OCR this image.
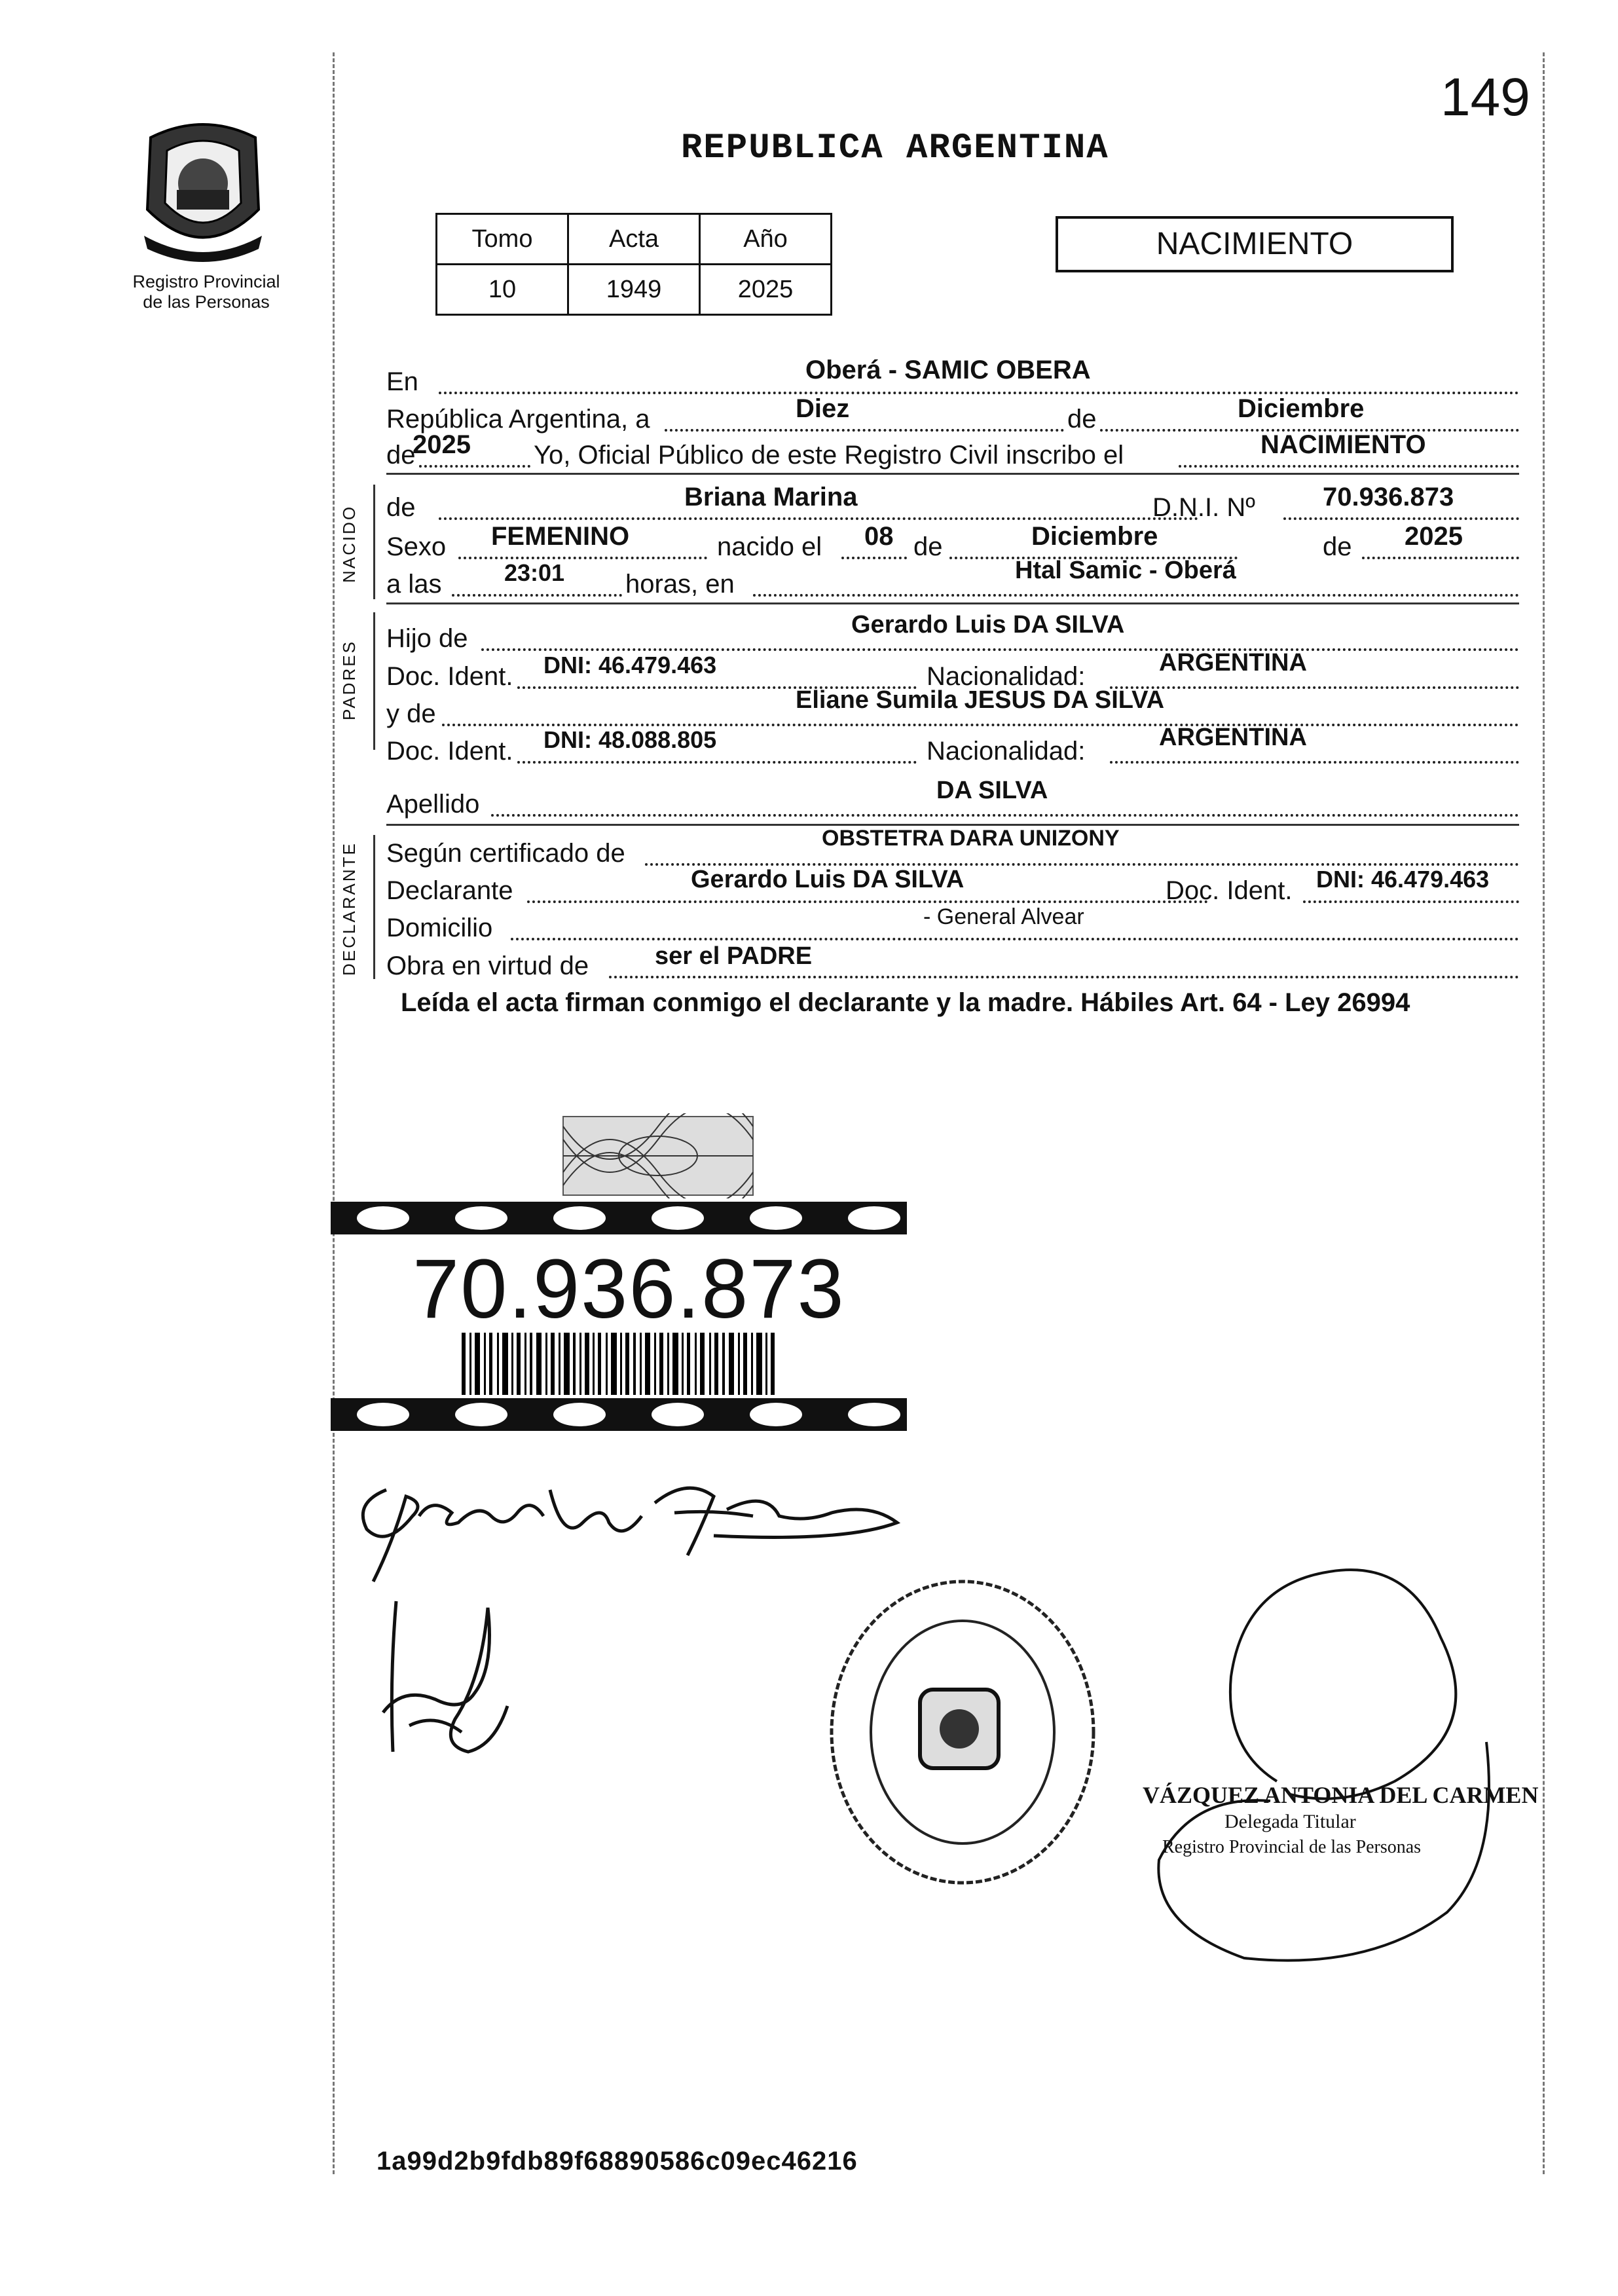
149
Registro Provincial
de las Personas
REPUBLICA ARGENTINA
Tomo	Acta	Año
10	1949	2025
NACIMIENTO
En	Oberá - SAMIC OBERA
República Argentina, a	Diez	de	Diciembre
de
2025 Yo, Oficial Público de este Registro Civil inscribo el	NACIMIENTO
NACIDO de	Briana Marina	D.N.I. Nº	70.936.873
Sexo FEMENINO	nacido el 08 de	Diciembre	de 2025
a las	23:01 horas, en	Htal Samic - Oberá
PADRES
Hijo de	Gerardo Luis DA SILVA
Doc. Ident. DNI: 46.479.463	Nacionalidad:	ARGENTINA
y de	Eliane Sumila JESUS DA SILVA
Doc. Ident. DNI: 48.088.805	Nacionalidad:	ARGENTINA
Apellido	DA SILVA
DECLARANTE Según certificado de
OBSTETRA DARA UNIZONY
Declarante	Gerardo Luis DA SILVA	Doc. Ident. DNI: 46.479.463
Domicilio	- General Alvear
Obra en virtud de	ser el PADRE
Leída el acta firman conmigo el declarante y la madre. Hábiles Art. 64 - Ley 26994
70.936.873
VÁZQUEZ ANTONIA DEL CARMEN
Delegada Titular
Registro Provincial de las Personas
1a99d2b9fdb89f68890586c09ec46216
